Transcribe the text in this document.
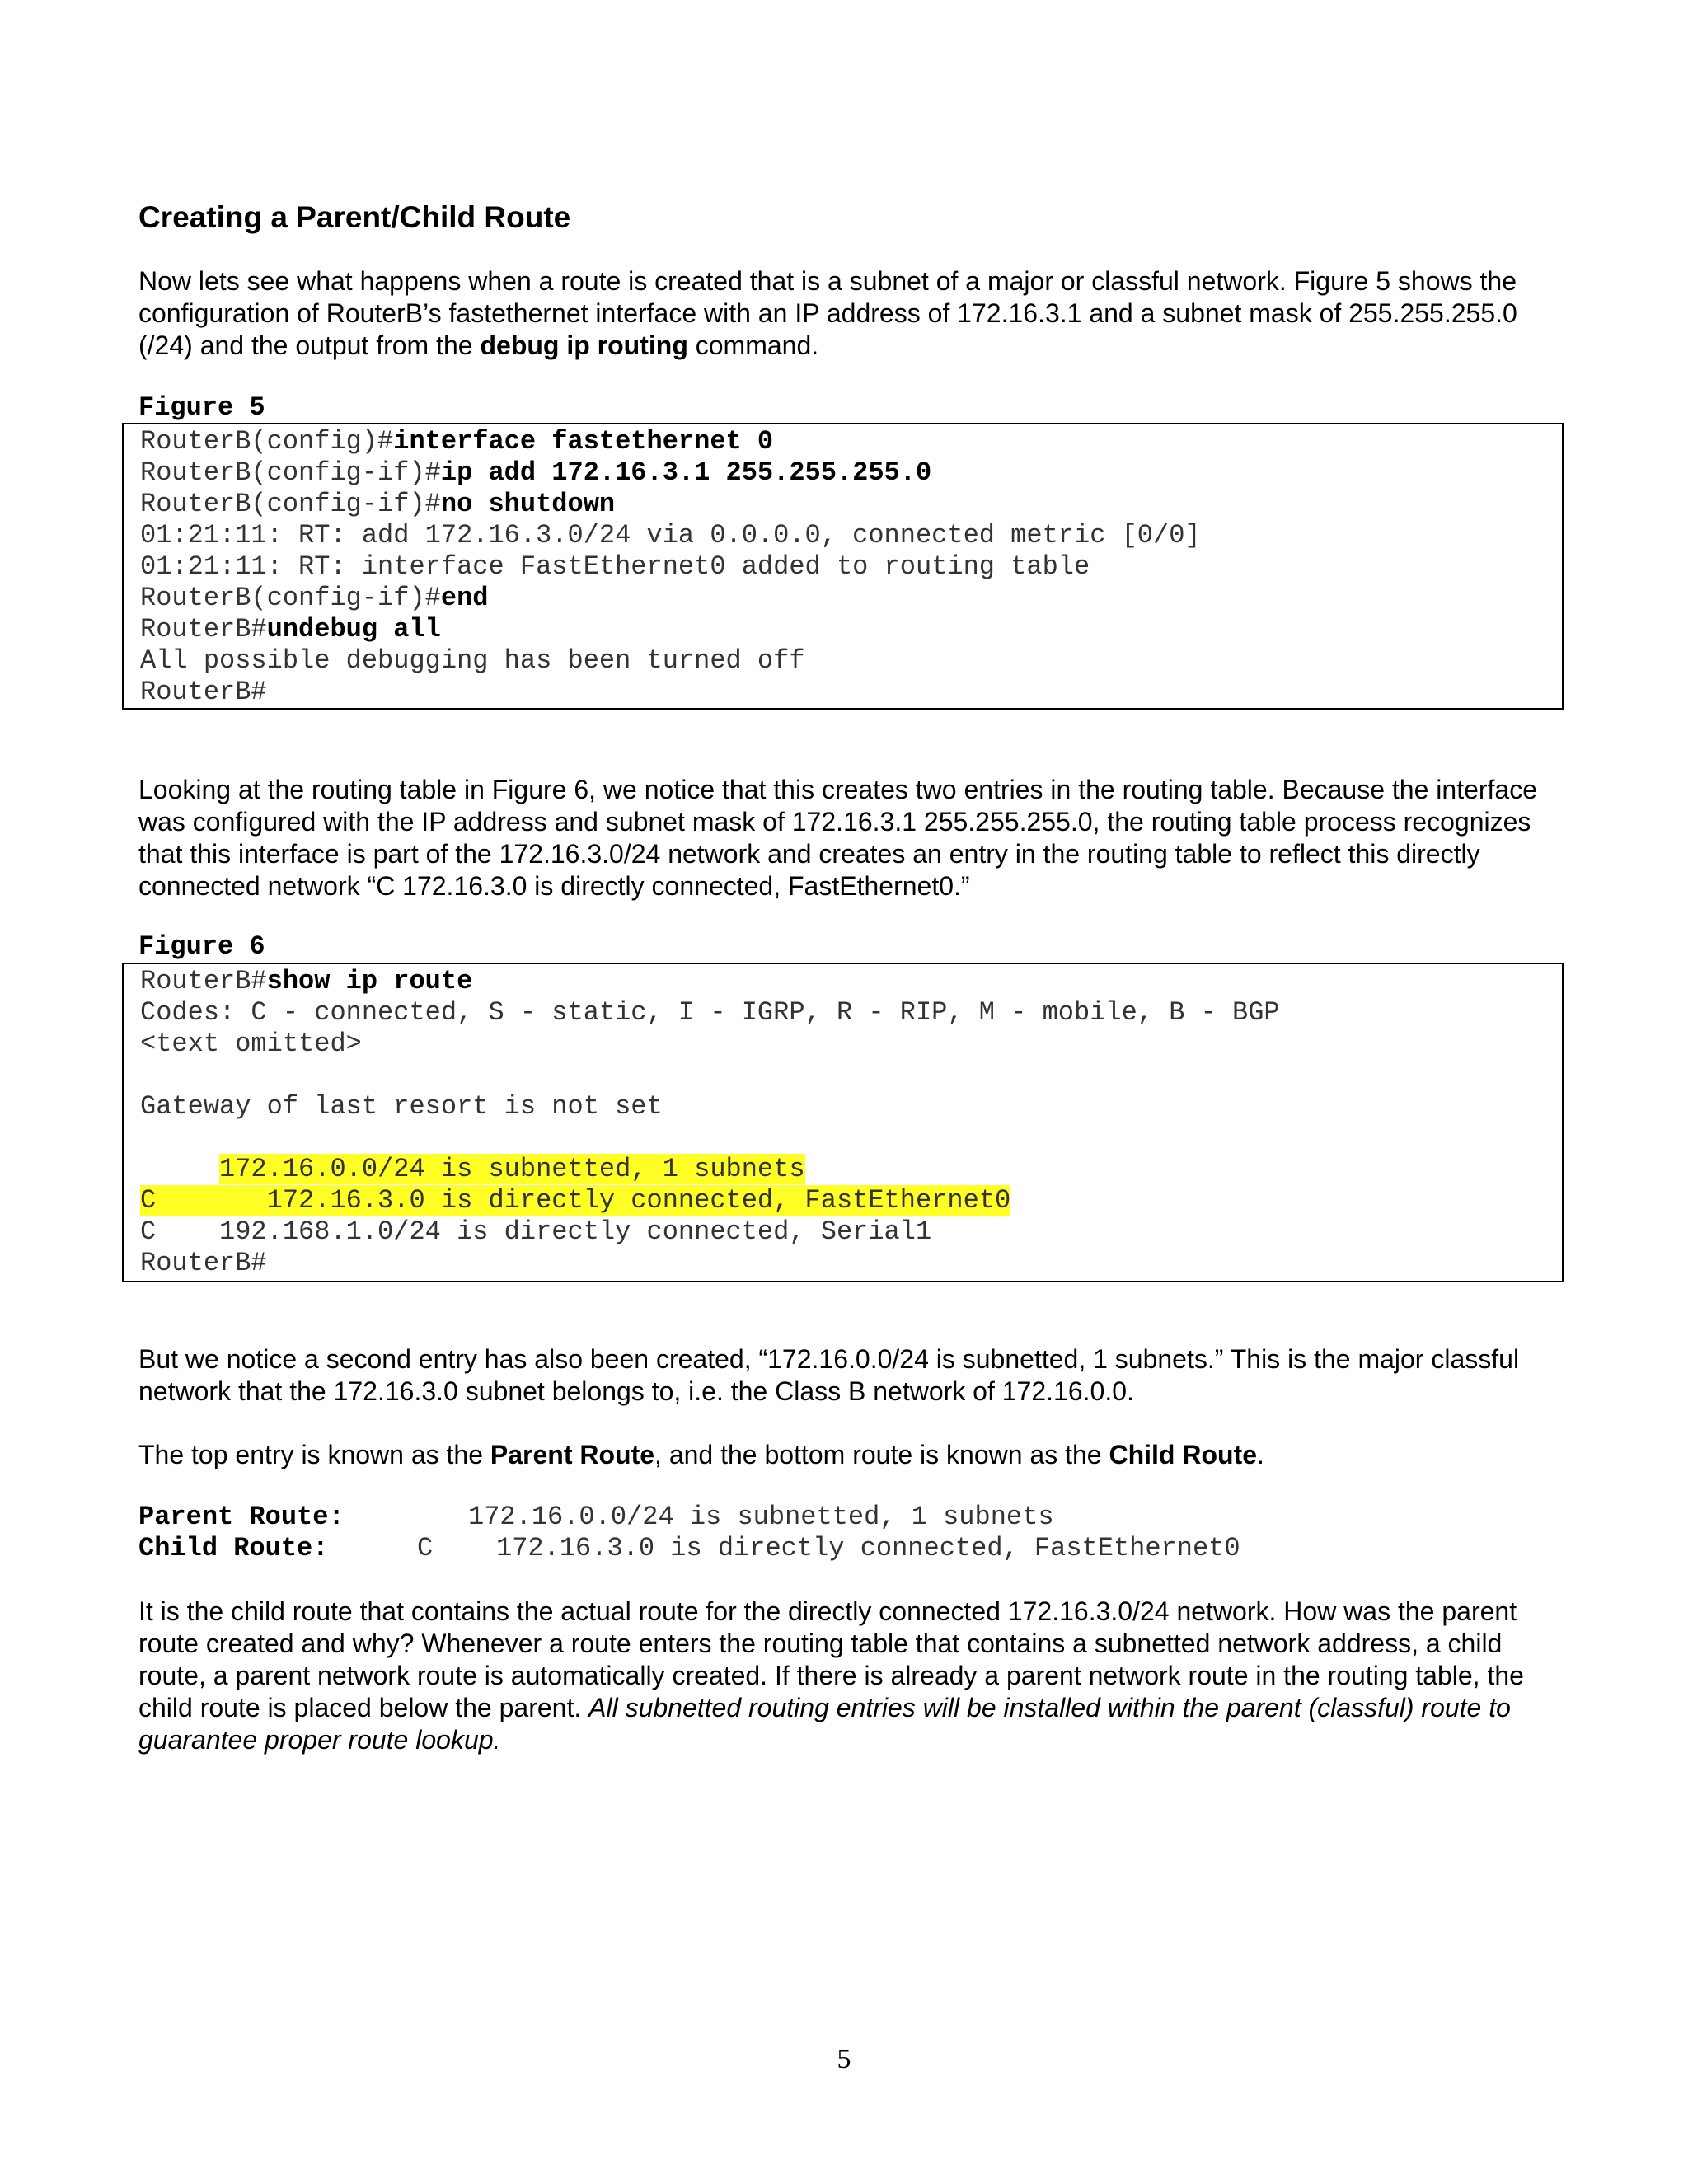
Creating a Parent/Child Route

Now lets see what happens when a route is created that is a subnet of a major or classful network. Figure 5 shows the configuration of RouterB’s fastethernet interface with an IP address of 172.16.3.1 and a subnet mask of 255.255.255.0 (/24) and the output from the debug ip routing command.

Figure 5
RouterB(config)#interface fastethernet 0
RouterB(config-if)#ip add 172.16.3.1 255.255.255.0
RouterB(config-if)#no shutdown
01:21:11: RT: add 172.16.3.0/24 via 0.0.0.0, connected metric [0/0]
01:21:11: RT: interface FastEthernet0 added to routing table
RouterB(config-if)#end
RouterB#undebug all
All possible debugging has been turned off
RouterB#

Looking at the routing table in Figure 6, we notice that this creates two entries in the routing table. Because the interface was configured with the IP address and subnet mask of 172.16.3.1 255.255.255.0, the routing table process recognizes that this interface is part of the 172.16.3.0/24 network and creates an entry in the routing table to reflect this directly connected network “C 172.16.3.0 is directly connected, FastEthernet0.”

Figure 6
RouterB#show ip route
Codes: C - connected, S - static, I - IGRP, R - RIP, M - mobile, B - BGP
<text omitted>
Gateway of last resort is not set
172.16.0.0/24 is subnetted, 1 subnets
C       172.16.3.0 is directly connected, FastEthernet0
C    192.168.1.0/24 is directly connected, Serial1
RouterB#

But we notice a second entry has also been created, “172.16.0.0/24 is subnetted, 1 subnets.” This is the major classful network that the 172.16.3.0 subnet belongs to, i.e. the Class B network of 172.16.0.0.

The top entry is known as the Parent Route, and the bottom route is known as the Child Route.

Parent Route:	172.16.0.0/24 is subnetted, 1 subnets
Child Route:	C    172.16.3.0 is directly connected, FastEthernet0

It is the child route that contains the actual route for the directly connected 172.16.3.0/24 network. How was the parent route created and why? Whenever a route enters the routing table that contains a subnetted network address, a child route, a parent network route is automatically created. If there is already a parent network route in the routing table, the child route is placed below the parent. All subnetted routing entries will be installed within the parent (classful) route to guarantee proper route lookup.

5
